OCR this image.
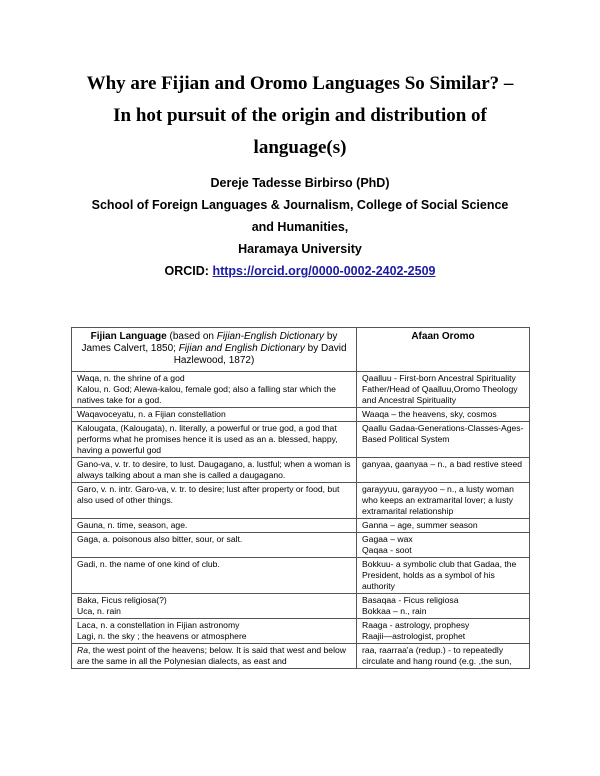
Why are Fijian and Oromo Languages So Similar? –
In hot pursuit of the origin and distribution of
language(s)
Dereje Tadesse Birbirso (PhD)
School of Foreign Languages & Journalism, College of Social Science
and Humanities,
Haramaya University
ORCID: https://orcid.org/0000-0002-2402-2509
Fijian Language (based on Fijian-English Dictionary by James Calvert, 1850; Fijian and English Dictionary by David Hazlewood, 1872)	Afaan Oromo

Waqa, n. the shrine of a god
Kalou, n. God; Alewa-kalou, female god; also a falling star which the natives take for a god.	Qaalluu - First-born Ancestral Spirituality Father/Head of Qaalluu,Oromo Theology and Ancestral Spirituality

Waqavoceyatu, n. a Fijian constellation	Waaqa – the heavens, sky, cosmos

Kalougata, (Kalougata), n. literally, a powerful or true god, a god that performs what he promises hence it is used as an a. blessed, happy, having a powerful god	Qaallu Gadaa-Generations-Classes-Ages-Based Political System

Gano-va, v. tr. to desire, to lust. Daugagano, a. lustful; when a woman is always talking about a man she is called a daugagano.	ganyaa, gaanyaa – n., a bad restive steed

Garo, v. n. intr. Garo-va, v. tr. to desire; lust after property or food, but also used of other things.	garayyuu, garayyoo – n., a lusty woman who keeps an extramarital lover; a lusty extramarital relationship

Gauna, n. time, season, age.	Ganna – age, summer season

Gaga, a. poisonous also bitter, sour, or salt.	Gagaa – wax
Qaqaa - soot

Gadi, n. the name of one kind of club.	Bokkuu- a symbolic club that Gadaa, the President, holds as a symbol of his authority

Baka, Ficus religiosa(?)
Uca, n. rain	Basaqaa - Ficus religiosa
Bokkaa – n., rain

Laca, n. a constellation in Fijian astronomy
Lagi, n. the sky ; the heavens or atmosphere	Raaga - astrology, prophesy
Raajii—astrologist, prophet

Ra, the west point of the heavens; below. It is said that west and below are the same in all the Polynesian dialects, as east and	raa, raarraa'a (redup.) - to repeatedly circulate and hang round (e.g. ,the sun,
